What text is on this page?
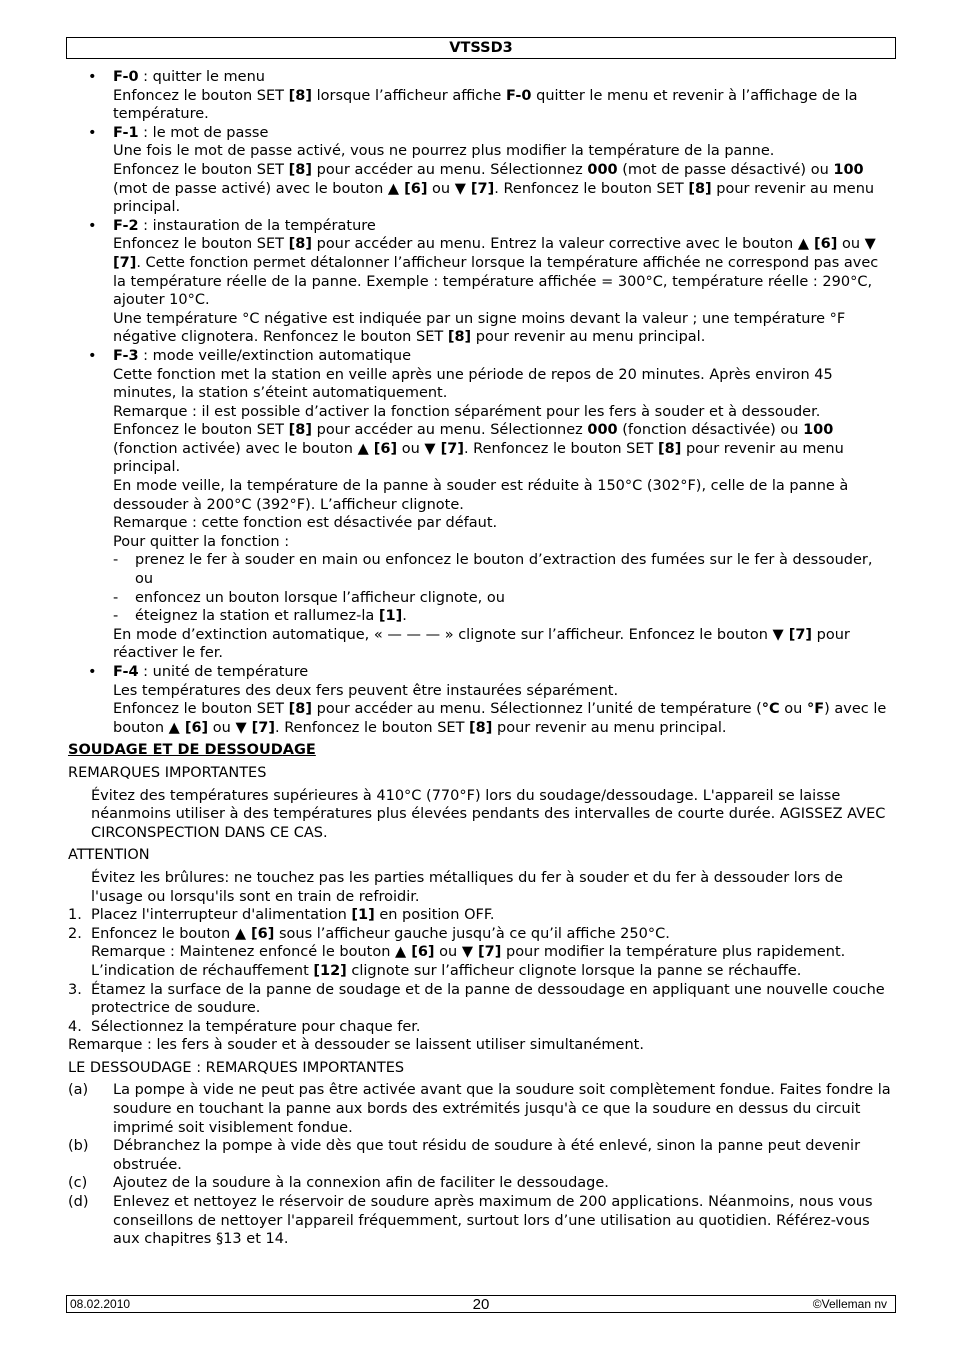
VTSSD3
• F-0 : quitter le menu
Enfoncez le bouton SET [8] lorsque l’afficheur affiche F-0 quitter le menu et revenir à l’affichage de la température.
• F-1 : le mot de passe
Une fois le mot de passe activé, vous ne pourrez plus modifier la température de la panne.
Enfoncez le bouton SET [8] pour accéder au menu. Sélectionnez 000 (mot de passe désactivé) ou 100 (mot de passe activé) avec le bouton ▲ [6] ou ▼ [7]. Renfoncez le bouton SET [8] pour revenir au menu principal.
• F-2 : instauration de la température
Enfoncez le bouton SET [8] pour accéder au menu. Entrez la valeur corrective avec le bouton ▲ [6] ou ▼ [7]. Cette fonction permet détalonner l’afficheur lorsque la température affichée ne correspond pas avec la température réelle de la panne. Exemple : température affichée = 300°C, température réelle : 290°C, ajouter 10°C.
Une température °C négative est indiquée par un signe moins devant la valeur ; une température °F négative clignotera. Renfoncez le bouton SET [8] pour revenir au menu principal.
• F-3 : mode veille/extinction automatique
Cette fonction met la station en veille après une période de repos de 20 minutes. Après environ 45 minutes, la station s’éteint automatiquement.
Remarque : il est possible d’activer la fonction séparément pour les fers à souder et à dessouder.
Enfoncez le bouton SET [8] pour accéder au menu. Sélectionnez 000 (fonction désactivée) ou 100 (fonction activée) avec le bouton ▲ [6] ou ▼ [7]. Renfoncez le bouton SET [8] pour revenir au menu principal.
En mode veille, la température de la panne à souder est réduite à 150°C (302°F), celle de la panne à dessouder à 200°C (392°F). L’afficheur clignote.
Remarque : cette fonction est désactivée par défaut.
Pour quitter la fonction :
- prenez le fer à souder en main ou enfoncez le bouton d’extraction des fumées sur le fer à dessouder, ou
- enfoncez un bouton lorsque l’afficheur clignote, ou
- éteignez la station et rallumez-la [1].
En mode d’extinction automatique, « — — — » clignote sur l’afficheur. Enfoncez le bouton ▼ [7] pour réactiver le fer.
• F-4 : unité de température
Les températures des deux fers peuvent être instaurées séparément.
Enfoncez le bouton SET [8] pour accéder au menu. Sélectionnez l’unité de température (°C ou °F) avec le bouton ▲ [6] ou ▼ [7]. Renfoncez le bouton SET [8] pour revenir au menu principal.
SOUDAGE ET DE DESSOUDAGE
REMARQUES IMPORTANTES
Évitez des températures supérieures à 410°C (770°F) lors du soudage/dessoudage. L'appareil se laisse néanmoins utiliser à des températures plus élevées pendants des intervalles de courte durée. AGISSEZ AVEC CIRCONSPECTION DANS CE CAS.
ATTENTION
Évitez les brûlures: ne touchez pas les parties métalliques du fer à souder et du fer à dessouder lors de l'usage ou lorsqu'ils sont en train de refroidir.
1. Placez l'interrupteur d'alimentation [1] en position OFF.
2. Enfoncez le bouton ▲ [6] sous l’afficheur gauche jusqu’à ce qu’il affiche 250°C.
Remarque : Maintenez enfoncé le bouton ▲ [6] ou ▼ [7] pour modifier la température plus rapidement. L’indication de réchauffement [12] clignote sur l’afficheur clignote lorsque la panne se réchauffe.
3. Étamez la surface de la panne de soudage et de la panne de dessoudage en appliquant une nouvelle couche protectrice de soudure.
4. Sélectionnez la température pour chaque fer.
Remarque : les fers à souder et à dessouder se laissent utiliser simultanément.
LE DESSOUDAGE : REMARQUES IMPORTANTES
(a) La pompe à vide ne peut pas être activée avant que la soudure soit complètement fondue. Faites fondre la soudure en touchant la panne aux bords des extrémités jusqu'à ce que la soudure en dessus du circuit imprimé soit visiblement fondue.
(b) Débranchez la pompe à vide dès que tout résidu de soudure à été enlevé, sinon la panne peut devenir obstruée.
(c) Ajoutez de la soudure à la connexion afin de faciliter le dessoudage.
(d) Enlevez et nettoyez le réservoir de soudure après maximum de 200 applications. Néanmoins, nous vous conseillons de nettoyer l'appareil fréquemment, surtout lors d’une utilisation au quotidien. Référez-vous aux chapitres §13 et 14.
08.02.2010	20	©Velleman nv
